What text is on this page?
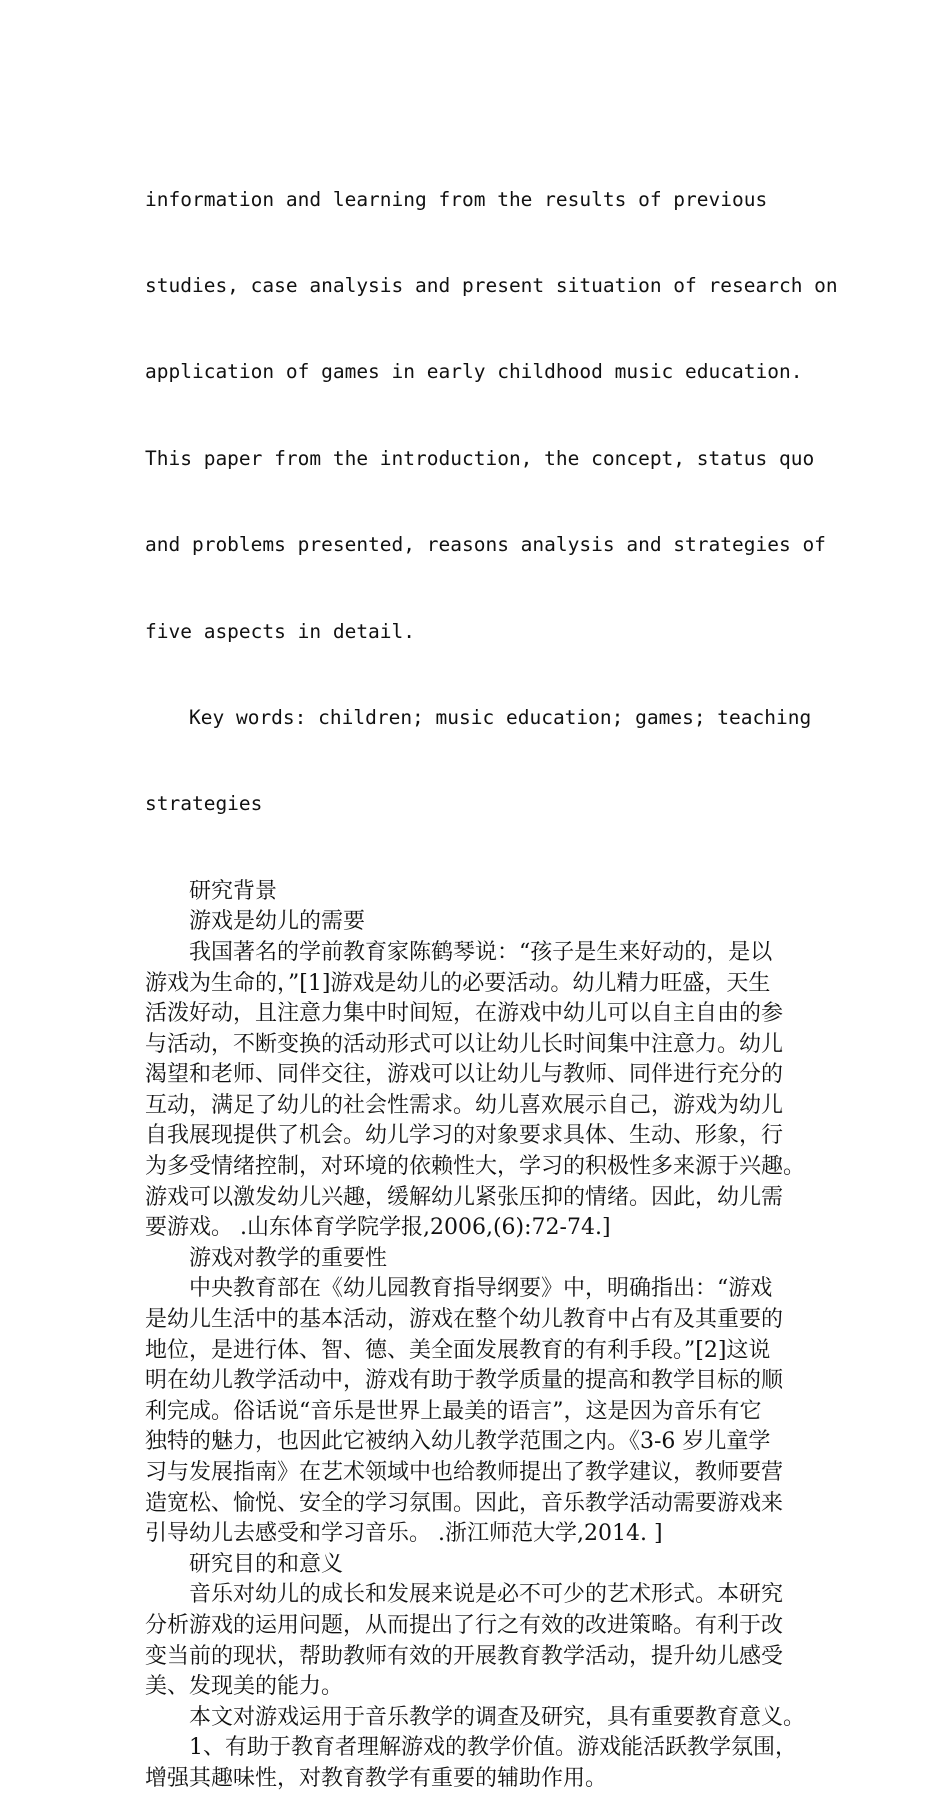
information and learning from the results of previous

studies, case analysis and present situation of research on

application of games in early childhood music education.

This paper from the introduction, the concept, status quo

and problems presented, reasons analysis and strategies of

five aspects in detail.

Key words: children; music education; games; teaching

strategies

研究背景
游戏是幼儿的需要
我国著名的学前教育家陈鹤琴说：“孩子是生来好动的，是以
游戏为生命的，”[1]游戏是幼儿的必要活动。幼儿精力旺盛，天生
活泼好动，且注意力集中时间短，在游戏中幼儿可以自主自由的参
与活动，不断变换的活动形式可以让幼儿长时间集中注意力。幼儿
渴望和老师、同伴交往，游戏可以让幼儿与教师、同伴进行充分的
互动，满足了幼儿的社会性需求。幼儿喜欢展示自己，游戏为幼儿
自我展现提供了机会。幼儿学习的对象要求具体、生动、形象，行
为多受情绪控制，对环境的依赖性大，学习的积极性多来源于兴趣。
游戏可以激发幼儿兴趣，缓解幼儿紧张压抑的情绪。因此，幼儿需
要游戏。 .山东体育学院学报,2006,(6):72-74.]
游戏对教学的重要性
中央教育部在《幼儿园教育指导纲要》中，明确指出：“游戏
是幼儿生活中的基本活动，游戏在整个幼儿教育中占有及其重要的
地位，是进行体、智、德、美全面发展教育的有利手段。”[2]这说
明在幼儿教学活动中，游戏有助于教学质量的提高和教学目标的顺
利完成。俗话说“音乐是世界上最美的语言”，这是因为音乐有它
独特的魅力，也因此它被纳入幼儿教学范围之内。《3-6 岁儿童学
习与发展指南》在艺术领域中也给教师提出了教学建议，教师要营
造宽松、愉悦、安全的学习氛围。因此，音乐教学活动需要游戏来
引导幼儿去感受和学习音乐。 .浙江师范大学,2014. ]
研究目的和意义
音乐对幼儿的成长和发展来说是必不可少的艺术形式。本研究
分析游戏的运用问题，从而提出了行之有效的改进策略。有利于改
变当前的现状，帮助教师有效的开展教育教学活动，提升幼儿感受
美、发现美的能力。
本文对游戏运用于音乐教学的调查及研究，具有重要教育意义。
1、有助于教育者理解游戏的教学价值。游戏能活跃教学氛围，
增强其趣味性，对教育教学有重要的辅助作用。
